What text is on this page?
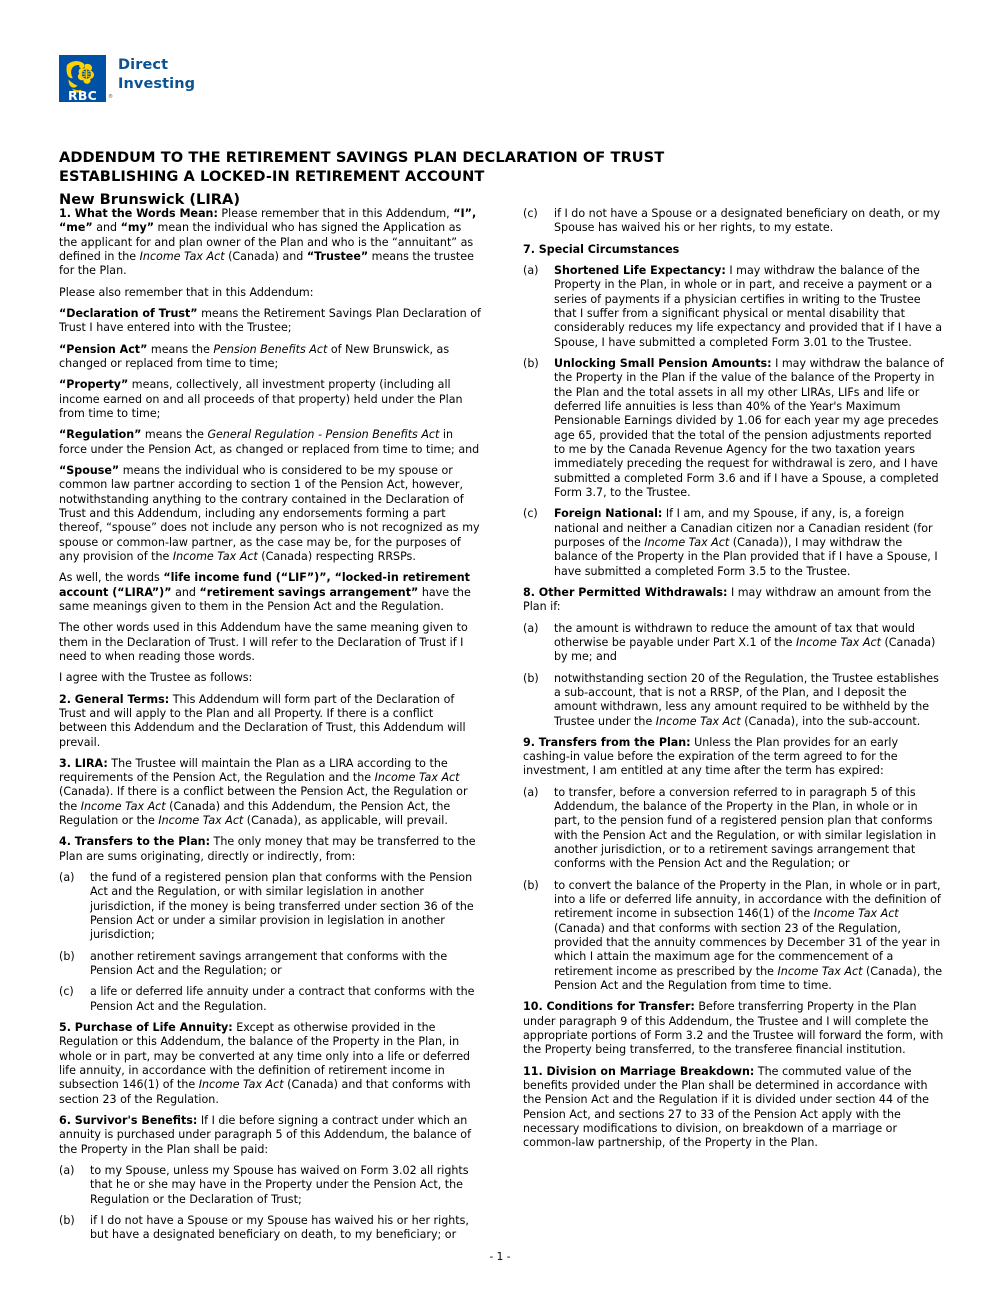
RBC ®
Direct
Investing
ADDENDUM TO THE RETIREMENT SAVINGS PLAN DECLARATION OF TRUST
ESTABLISHING A LOCKED-IN RETIREMENT ACCOUNT
New Brunswick (LIRA)

1. What the Words Mean: Please remember that in this Addendum, “I”, “me” and “my” mean the individual who has signed the Application as the applicant for and plan owner of the Plan and who is the “annuitant” as defined in the Income Tax Act (Canada) and “Trustee” means the trustee for the Plan.

Please also remember that in this Addendum:

“Declaration of Trust” means the Retirement Savings Plan Declaration of Trust I have entered into with the Trustee;

“Pension Act” means the Pension Benefits Act of New Brunswick, as changed or replaced from time to time;

“Property” means, collectively, all investment property (including all income earned on and all proceeds of that property) held under the Plan from time to time;

“Regulation” means the General Regulation - Pension Benefits Act in force under the Pension Act, as changed or replaced from time to time; and

“Spouse” means the individual who is considered to be my spouse or common law partner according to section 1 of the Pension Act, however, notwithstanding anything to the contrary contained in the Declaration of Trust and this Addendum, including any endorsements forming a part thereof, “spouse” does not include any person who is not recognized as my spouse or common-law partner, as the case may be, for the purposes of any provision of the Income Tax Act (Canada) respecting RRSPs.

As well, the words “life income fund (“LIF”)”, “locked-in retirement account (“LIRA”)” and “retirement savings arrangement” have the same meanings given to them in the Pension Act and the Regulation.

The other words used in this Addendum have the same meaning given to them in the Declaration of Trust. I will refer to the Declaration of Trust if I need to when reading those words.

I agree with the Trustee as follows:

2. General Terms: This Addendum will form part of the Declaration of Trust and will apply to the Plan and all Property. If there is a conflict between this Addendum and the Declaration of Trust, this Addendum will prevail.

3. LIRA: The Trustee will maintain the Plan as a LIRA according to the requirements of the Pension Act, the Regulation and the Income Tax Act (Canada). If there is a conflict between the Pension Act, the Regulation or the Income Tax Act (Canada) and this Addendum, the Pension Act, the Regulation or the Income Tax Act (Canada), as applicable, will prevail.

4. Transfers to the Plan: The only money that may be transferred to the Plan are sums originating, directly or indirectly, from:

(a)	the fund of a registered pension plan that conforms with the Pension Act and the Regulation, or with similar legislation in another jurisdiction, if the money is being transferred under section 36 of the Pension Act or under a similar provision in legislation in another jurisdiction;
(b)	another retirement savings arrangement that conforms with the Pension Act and the Regulation; or
(c)	a life or deferred life annuity under a contract that conforms with the Pension Act and the Regulation.

5. Purchase of Life Annuity: Except as otherwise provided in the Regulation or this Addendum, the balance of the Property in the Plan, in whole or in part, may be converted at any time only into a life or deferred life annuity, in accordance with the definition of retirement income in subsection 146(1) of the Income Tax Act (Canada) and that conforms with section 23 of the Regulation.

6. Survivor's Benefits: If I die before signing a contract under which an annuity is purchased under paragraph 5 of this Addendum, the balance of the Property in the Plan shall be paid:

(a)	to my Spouse, unless my Spouse has waived on Form 3.02 all rights that he or she may have in the Property under the Pension Act, the Regulation or the Declaration of Trust;
(b)	if I do not have a Spouse or my Spouse has waived his or her rights, but have a designated beneficiary on death, to my beneficiary; or
(c)	if I do not have a Spouse or a designated beneficiary on death, or my Spouse has waived his or her rights, to my estate.

7. Special Circumstances

(a)	Shortened Life Expectancy: I may withdraw the balance of the Property in the Plan, in whole or in part, and receive a payment or a series of payments if a physician certifies in writing to the Trustee that I suffer from a significant physical or mental disability that considerably reduces my life expectancy and provided that if I have a Spouse, I have submitted a completed Form 3.01 to the Trustee.
(b)	Unlocking Small Pension Amounts: I may withdraw the balance of the Property in the Plan if the value of the balance of the Property in the Plan and the total assets in all my other LIRAs, LIFs and life or deferred life annuities is less than 40% of the Year's Maximum Pensionable Earnings divided by 1.06 for each year my age precedes age 65, provided that the total of the pension adjustments reported to me by the Canada Revenue Agency for the two taxation years immediately preceding the request for withdrawal is zero, and I have submitted a completed Form 3.6 and if I have a Spouse, a completed Form 3.7, to the Trustee.
(c)	Foreign National: If I am, and my Spouse, if any, is, a foreign national and neither a Canadian citizen nor a Canadian resident (for purposes of the Income Tax Act (Canada)), I may withdraw the balance of the Property in the Plan provided that if I have a Spouse, I have submitted a completed Form 3.5 to the Trustee.

8. Other Permitted Withdrawals: I may withdraw an amount from the Plan if:

(a)	the amount is withdrawn to reduce the amount of tax that would otherwise be payable under Part X.1 of the Income Tax Act (Canada) by me; and
(b)	notwithstanding section 20 of the Regulation, the Trustee establishes a sub-account, that is not a RRSP, of the Plan, and I deposit the amount withdrawn, less any amount required to be withheld by the Trustee under the Income Tax Act (Canada), into the sub-account.

9. Transfers from the Plan: Unless the Plan provides for an early cashing-in value before the expiration of the term agreed to for the investment, I am entitled at any time after the term has expired:

(a)	to transfer, before a conversion referred to in paragraph 5 of this Addendum, the balance of the Property in the Plan, in whole or in part, to the pension fund of a registered pension plan that conforms with the Pension Act and the Regulation, or with similar legislation in another jurisdiction, or to a retirement savings arrangement that conforms with the Pension Act and the Regulation; or
(b)	to convert the balance of the Property in the Plan, in whole or in part, into a life or deferred life annuity, in accordance with the definition of retirement income in subsection 146(1) of the Income Tax Act (Canada) and that conforms with section 23 of the Regulation, provided that the annuity commences by December 31 of the year in which I attain the maximum age for the commencement of a retirement income as prescribed by the Income Tax Act (Canada), the Pension Act and the Regulation from time to time.

10. Conditions for Transfer: Before transferring Property in the Plan under paragraph 9 of this Addendum, the Trustee and I will complete the appropriate portions of Form 3.2 and the Trustee will forward the form, with the Property being transferred, to the transferee financial institution.

11. Division on Marriage Breakdown: The commuted value of the benefits provided under the Plan shall be determined in accordance with the Pension Act and the Regulation if it is divided under section 44 of the Pension Act, and sections 27 to 33 of the Pension Act apply with the necessary modifications to division, on breakdown of a marriage or common-law partnership, of the Property in the Plan.

- 1 -
